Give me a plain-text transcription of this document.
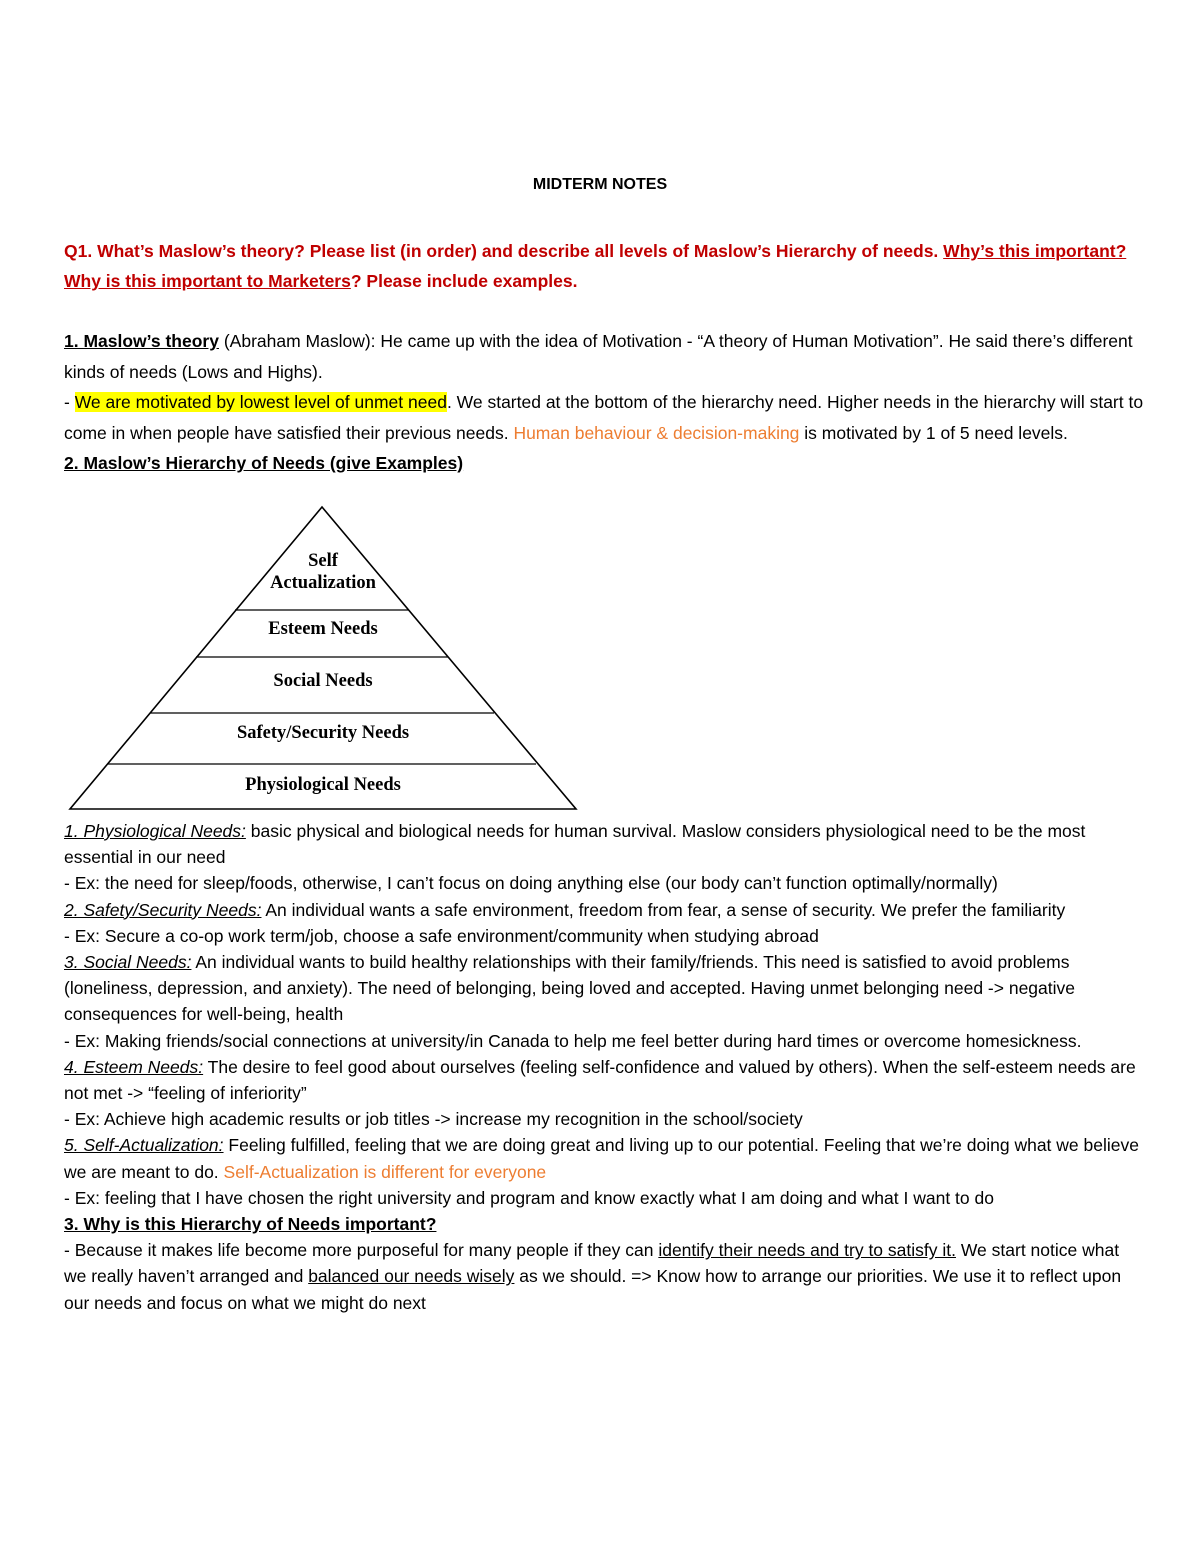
MIDTERM NOTES
Q1. What’s Maslow’s theory? Please list (in order) and describe all levels of Maslow’s Hierarchy of needs. Why’s this important? Why is this important to Marketers? Please include examples.

1. Maslow’s theory (Abraham Maslow): He came up with the idea of Motivation - “A theory of Human Motivation”. He said there’s different kinds of needs (Lows and Highs).

- We are motivated by lowest level of unmet need. We started at the bottom of the hierarchy need. Higher needs in the hierarchy will start to come in when people have satisfied their previous needs. Human behaviour & decision-making is motivated by 1 of 5 need levels.

2. Maslow’s Hierarchy of Needs (give Examples)

Self
Actualization
Esteem Needs
Social Needs
Safety/Security Needs
Physiological Needs

1. Physiological Needs: basic physical and biological needs for human survival. Maslow considers physiological need to be the most essential in our need

- Ex: the need for sleep/foods, otherwise, I can’t focus on doing anything else (our body can’t function optimally/normally)

2. Safety/Security Needs: An individual wants a safe environment, freedom from fear, a sense of security. We prefer the familiarity

- Ex: Secure a co-op work term/job, choose a safe environment/community when studying abroad

3. Social Needs: An individual wants to build healthy relationships with their family/friends. This need is satisfied to avoid problems (loneliness, depression, and anxiety). The need of belonging, being loved and accepted. Having unmet belonging need -> negative consequences for well-being, health

- Ex: Making friends/social connections at university/in Canada to help me feel better during hard times or overcome homesickness.

4. Esteem Needs: The desire to feel good about ourselves (feeling self-confidence and valued by others). When the self-esteem needs are not met -> “feeling of inferiority”

- Ex: Achieve high academic results or job titles -> increase my recognition in the school/society

5. Self-Actualization: Feeling fulfilled, feeling that we are doing great and living up to our potential. Feeling that we’re doing what we believe we are meant to do. Self-Actualization is different for everyone

- Ex: feeling that I have chosen the right university and program and know exactly what I am doing and what I want to do

3. Why is this Hierarchy of Needs important?

- Because it makes life become more purposeful for many people if they can identify their needs and try to satisfy it. We start notice what we really haven’t arranged and balanced our needs wisely as we should. => Know how to arrange our priorities. We use it to reflect upon our needs and focus on what we might do next
